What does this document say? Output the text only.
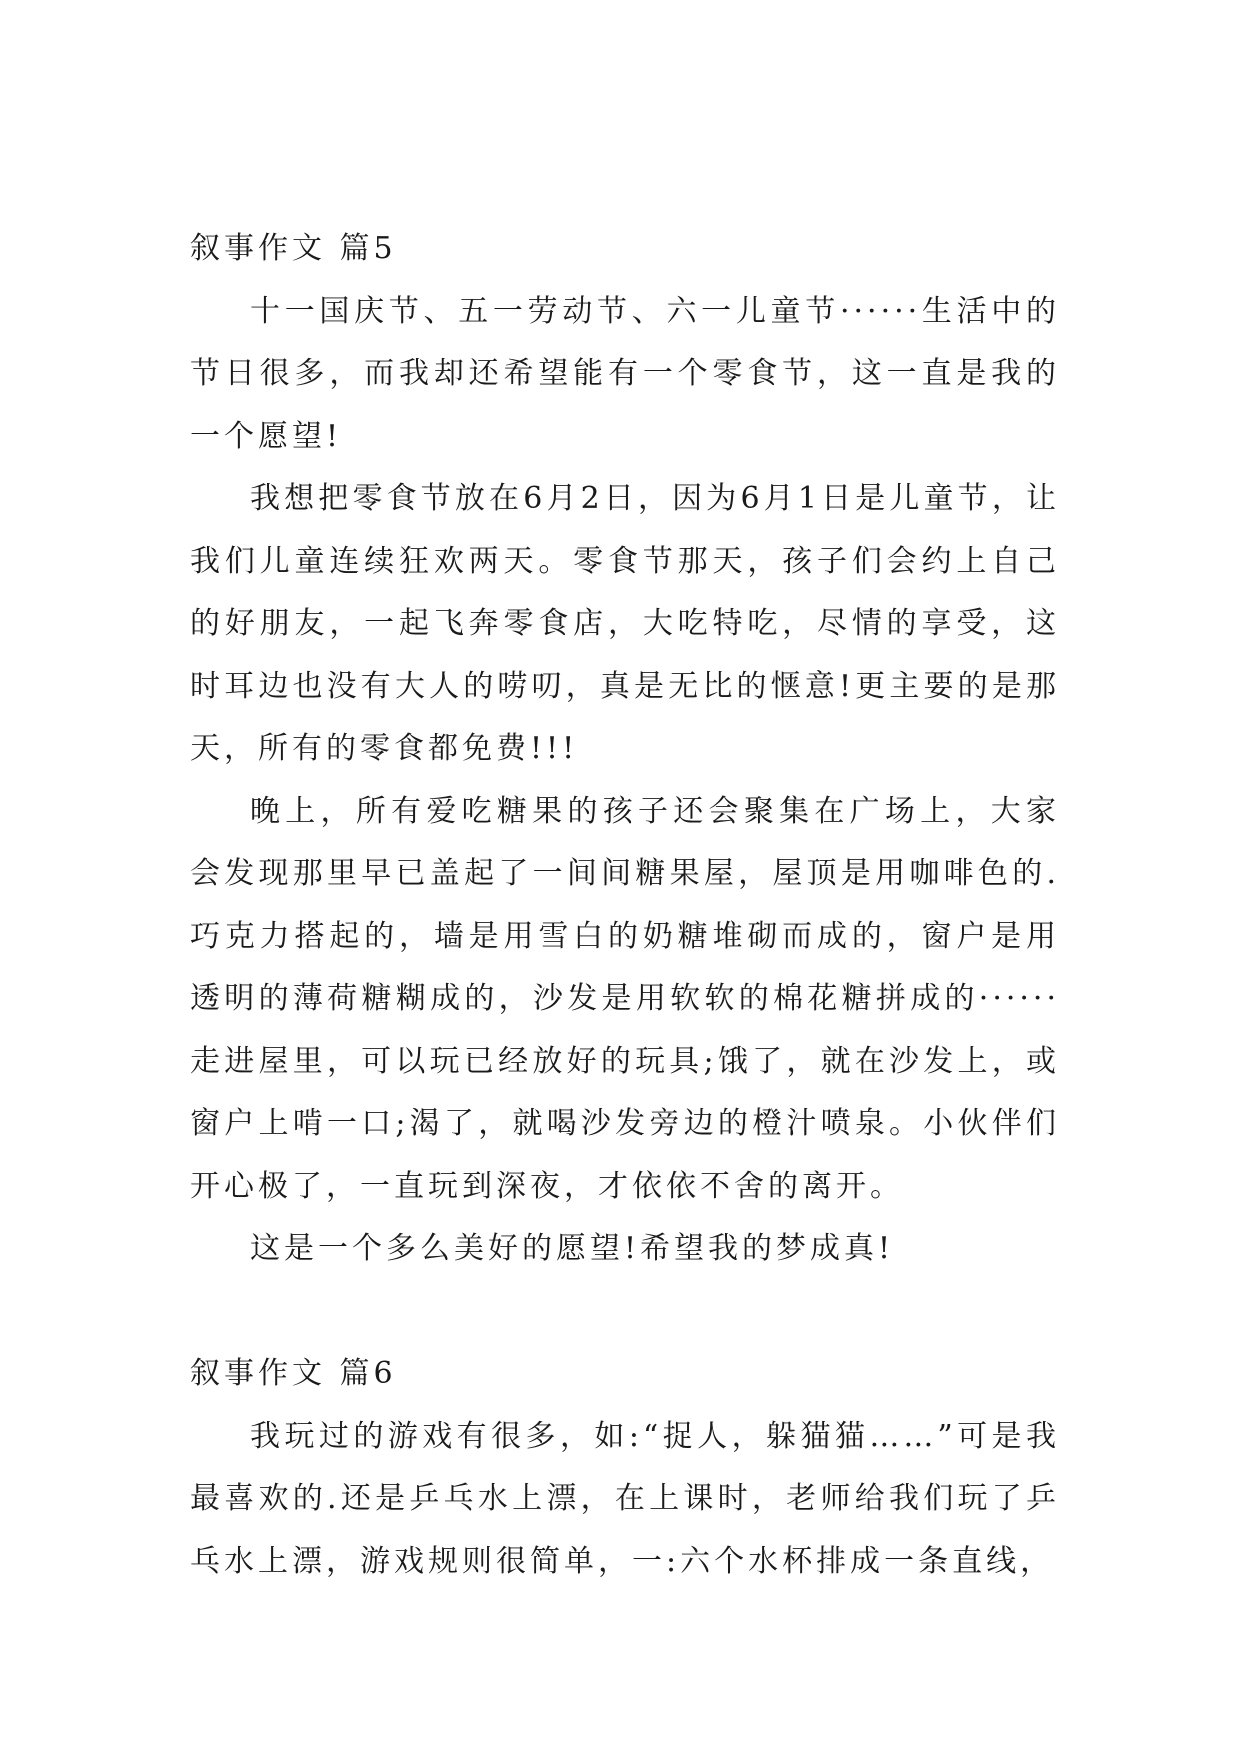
叙事作文 篇5

十一国庆节、五一劳动节、六一儿童节······生活中的节日很多，而我却还希望能有一个零食节，这一直是我的一个愿望!

我想把零食节放在6月2日，因为6月1日是儿童节，让我们儿童连续狂欢两天。零食节那天，孩子们会约上自己的好朋友，一起飞奔零食店，大吃特吃，尽情的享受，这时耳边也没有大人的唠叨，真是无比的惬意!更主要的是那天，所有的零食都免费!!!

晚上，所有爱吃糖果的孩子还会聚集在广场上，大家会发现那里早已盖起了一间间糖果屋，屋顶是用咖啡色的.巧克力搭起的，墙是用雪白的奶糖堆砌而成的，窗户是用透明的薄荷糖糊成的，沙发是用软软的棉花糖拼成的······走进屋里，可以玩已经放好的玩具;饿了，就在沙发上，或窗户上啃一口;渴了，就喝沙发旁边的橙汁喷泉。小伙伴们开心极了，一直玩到深夜，才依依不舍的离开。

这是一个多么美好的愿望!希望我的梦成真!

叙事作文 篇6

我玩过的游戏有很多，如:“捉人，躲猫猫……”可是我最喜欢的.还是乒乓水上漂，在上课时，老师给我们玩了乒乓水上漂，游戏规则很简单，一:六个水杯排成一条直线，
